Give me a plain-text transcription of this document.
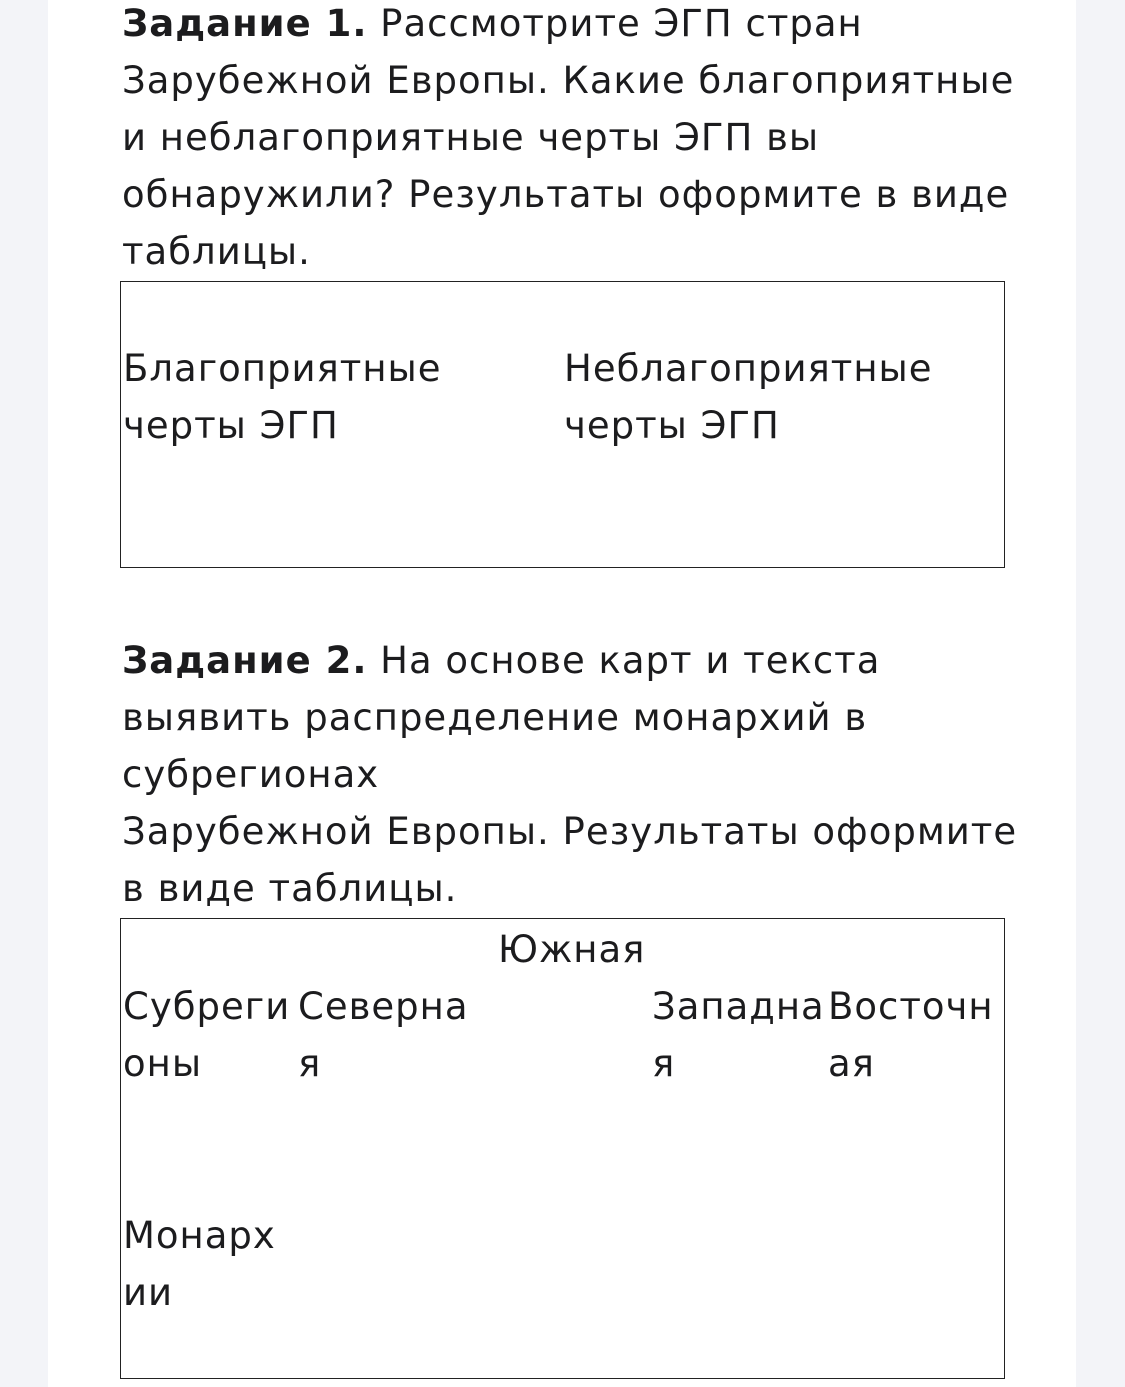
Задание 1. Рассмотрите ЭГП стран
Зарубежной Европы. Какие благоприятные
и неблагоприятные черты ЭГП вы
обнаружили? Результаты оформите в виде
таблицы.

Благоприятные
черты ЭГП
Неблагоприятные
черты ЭГП

Задание 2. На основе карт и текста
выявить распределение монархий в
субрегионах
Зарубежной Европы. Результаты оформите
в виде таблицы.

Южная
Субреги
оны
Северна
я
Западна
я
Восточн
ая
Монарх
ии
